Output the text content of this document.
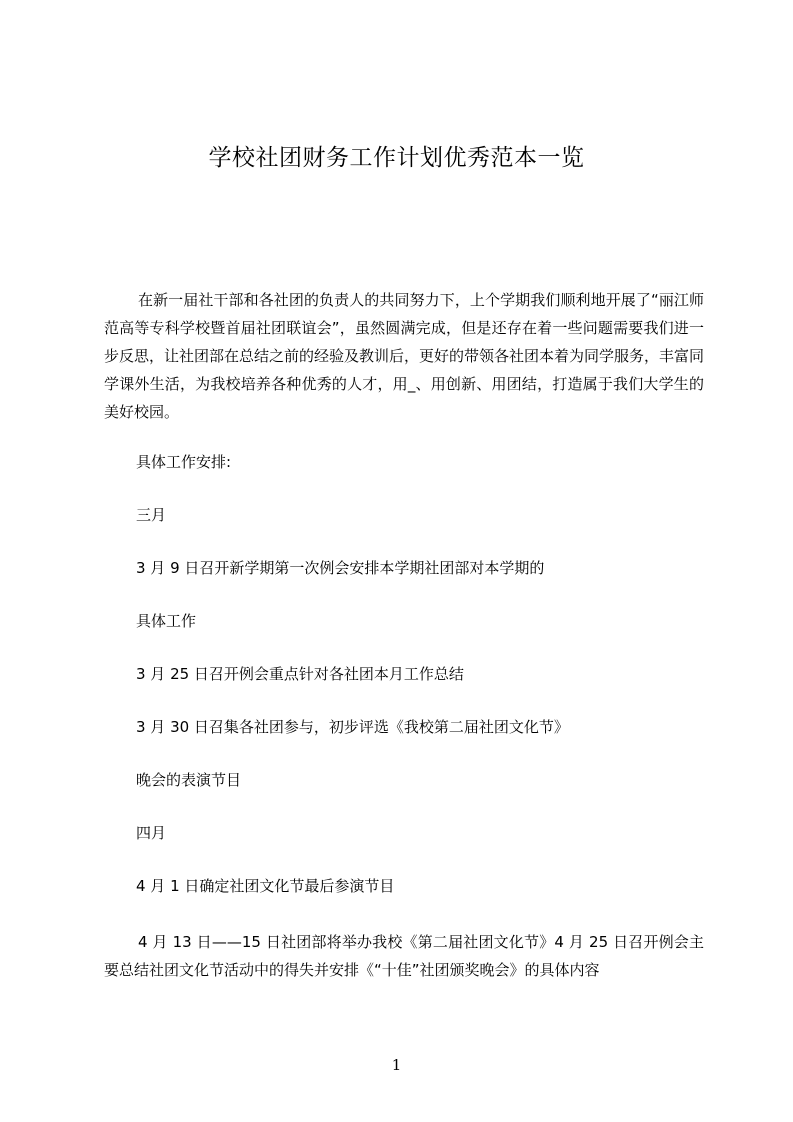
学校社团财务工作计划优秀范本一览

在新一届社干部和各社团的负责人的共同努力下，上个学期我们顺利地开展了“丽江师范高等专科学校暨首届社团联谊会”，虽然圆满完成，但是还存在着一些问题需要我们进一步反思，让社团部在总结之前的经验及教训后，更好的带领各社团本着为同学服务，丰富同学课外生活，为我校培养各种优秀的人才，用_、用创新、用团结，打造属于我们大学生的美好校园。

具体工作安排:
三月
3 月 9 日召开新学期第一次例会安排本学期社团部对本学期的
具体工作
3 月 25 日召开例会重点针对各社团本月工作总结
3 月 30 日召集各社团参与，初步评选《我校第二届社团文化节》
晚会的表演节目
四月
4 月 1 日确定社团文化节最后参演节目

4 月 13 日——15 日社团部将举办我校《第二届社团文化节》4 月 25 日召开例会主要总结社团文化节活动中的得失并安排《“十佳”社团颁奖晚会》的具体内容

1
